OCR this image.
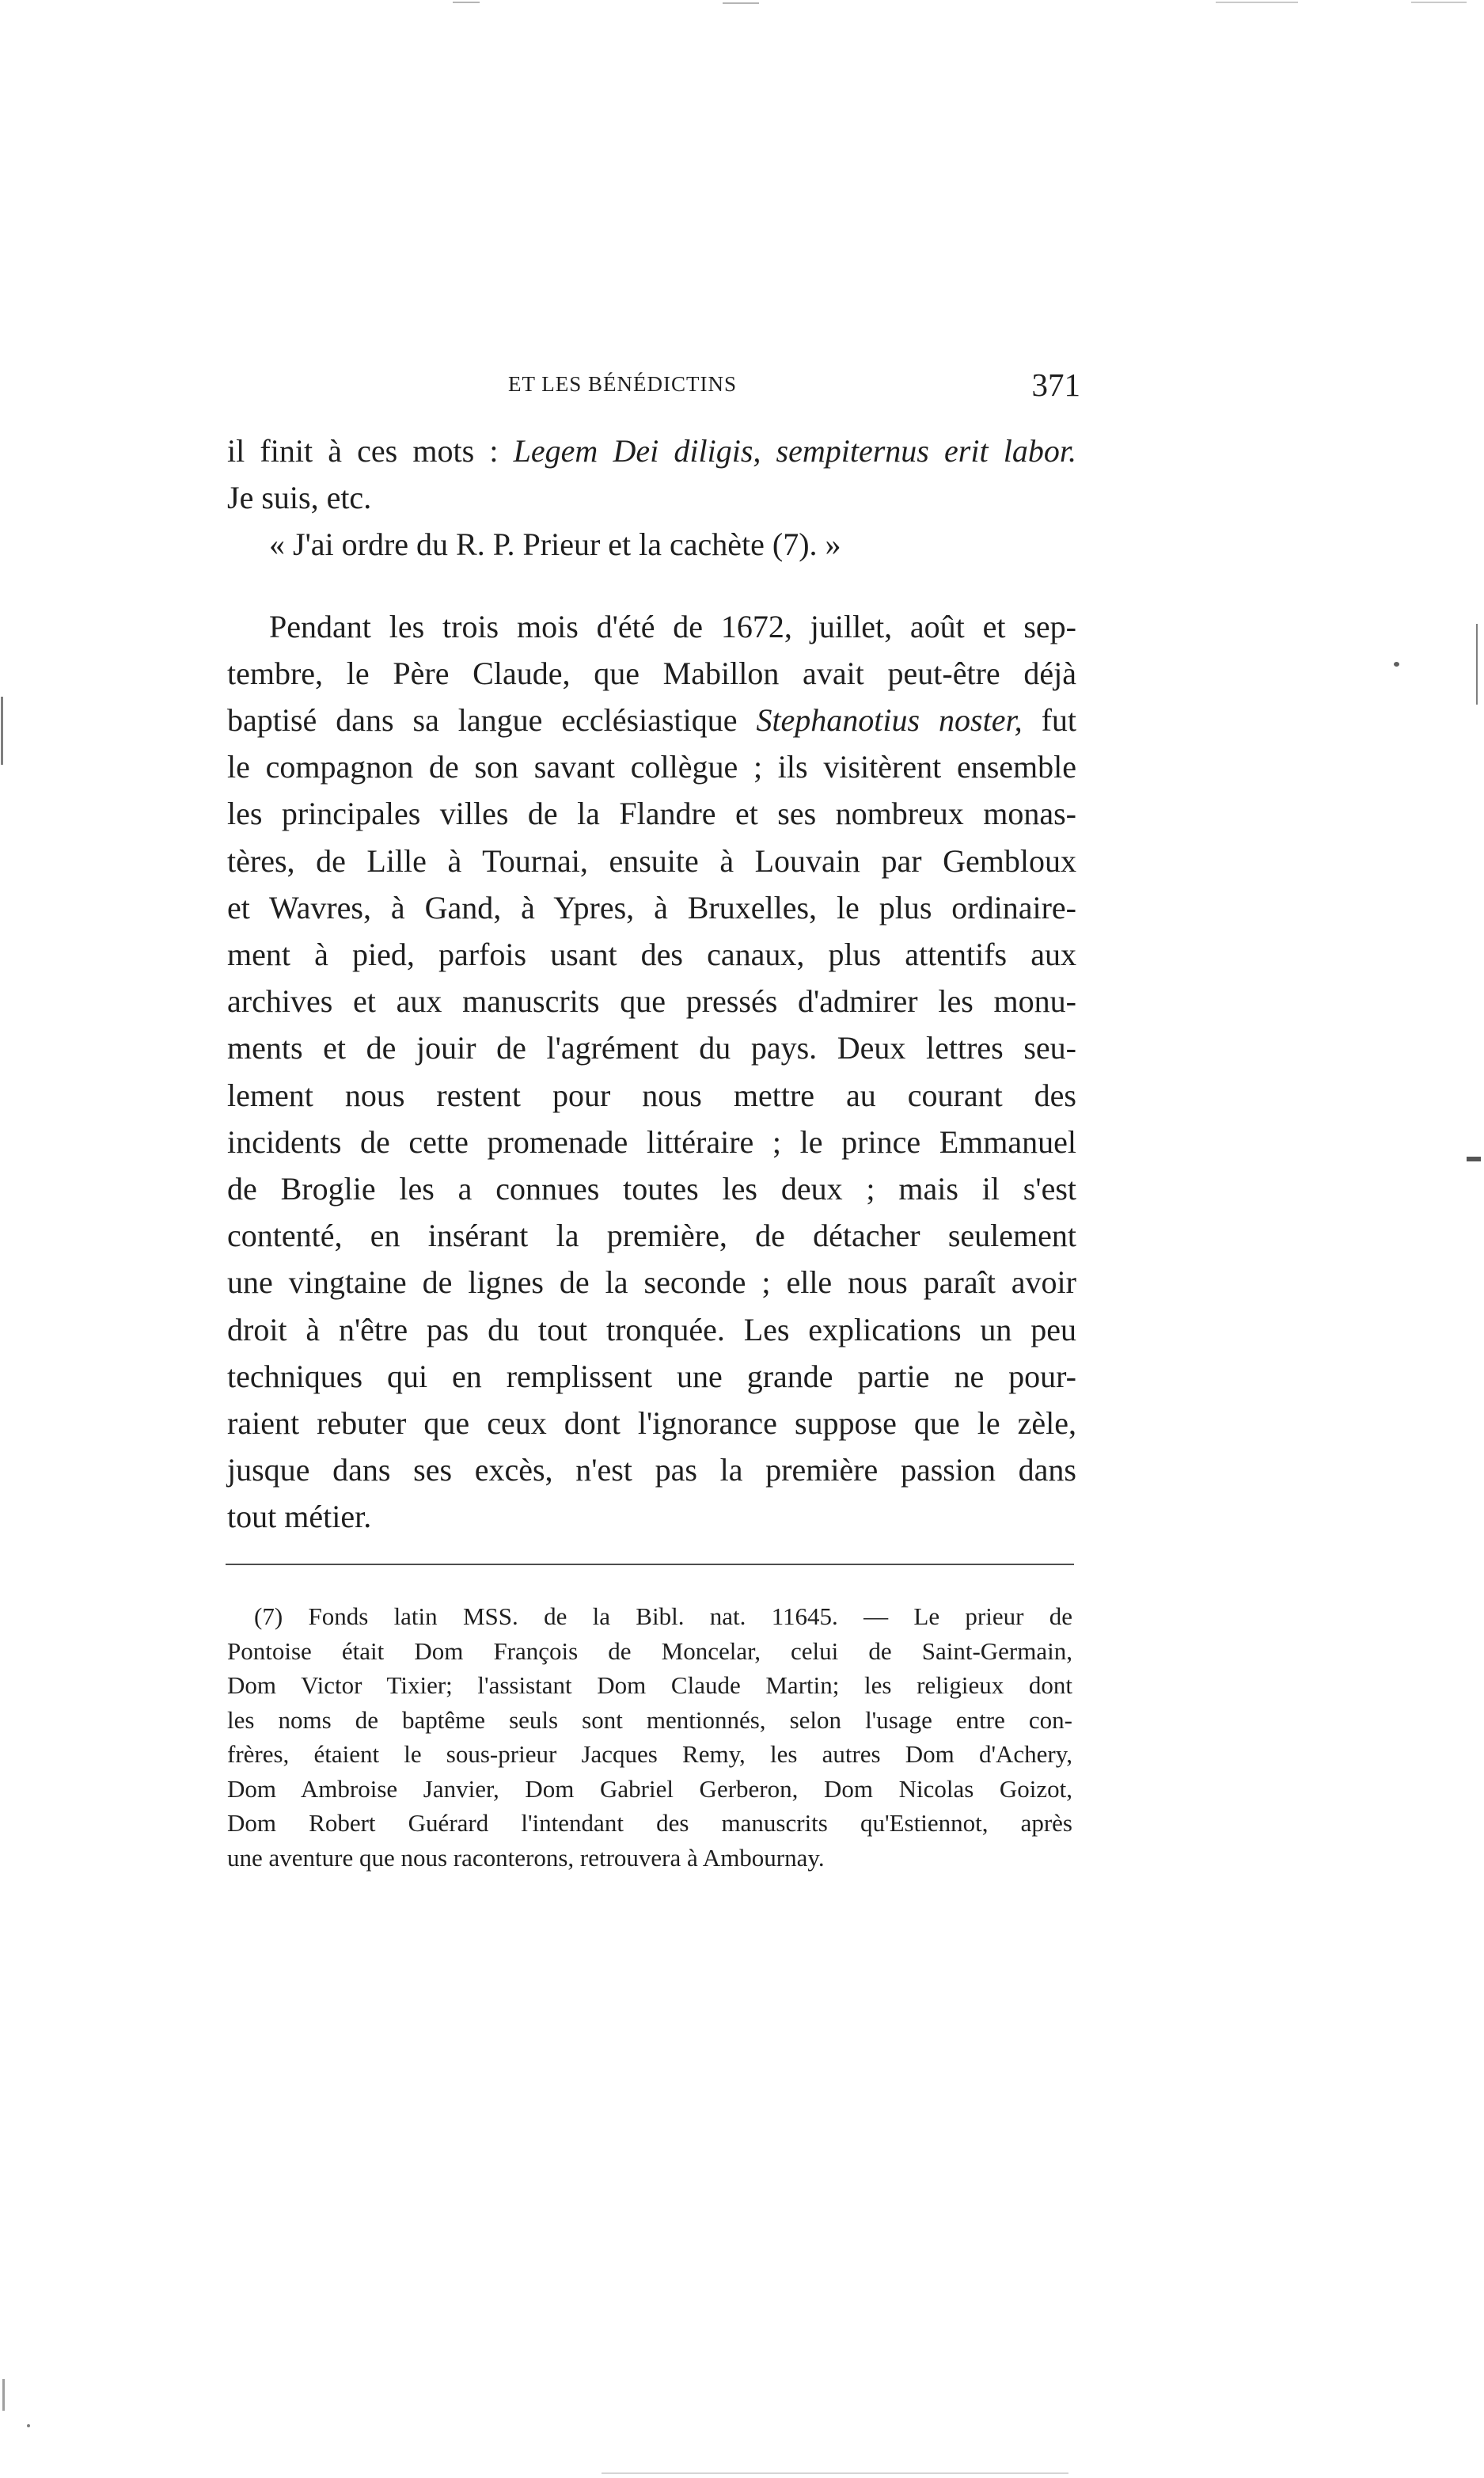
ET LES BÉNÉDICTINS	371
il finit à ces mots : Legem Dei diligis, sempiternus erit labor.
Je suis, etc.
« J'ai ordre du R. P. Prieur et la cachète (7). »
Pendant les trois mois d'été de 1672, juillet, août et sep-
tembre, le Père Claude, que Mabillon avait peut-être déjà
baptisé dans sa langue ecclésiastique Stephanotius noster, fut
le compagnon de son savant collègue ; ils visitèrent ensemble
les principales villes de la Flandre et ses nombreux monas-
tères, de Lille à Tournai, ensuite à Louvain par Gembloux
et Wavres, à Gand, à Ypres, à Bruxelles, le plus ordinaire-
ment à pied, parfois usant des canaux, plus attentifs aux
archives et aux manuscrits que pressés d'admirer les monu-
ments et de jouir de l'agrément du pays. Deux lettres seu-
lement nous restent pour nous mettre au courant des
incidents de cette promenade littéraire ; le prince Emmanuel
de Broglie les a connues toutes les deux ; mais il s'est
contenté, en insérant la première, de détacher seulement
une vingtaine de lignes de la seconde ; elle nous paraît avoir
droit à n'être pas du tout tronquée. Les explications un peu
techniques qui en remplissent une grande partie ne pour-
raient rebuter que ceux dont l'ignorance suppose que le zèle,
jusque dans ses excès, n'est pas la première passion dans
tout métier.
(7) Fonds latin MSS. de la Bibl. nat. 11645. — Le prieur de
Pontoise était Dom François de Moncelar, celui de Saint-Germain,
Dom Victor Tixier; l'assistant Dom Claude Martin; les religieux dont
les noms de baptême seuls sont mentionnés, selon l'usage entre con-
frères, étaient le sous-prieur Jacques Remy, les autres Dom d'Achery,
Dom Ambroise Janvier, Dom Gabriel Gerberon, Dom Nicolas Goizot,
Dom Robert Guérard l'intendant des manuscrits qu'Estiennot, après
une aventure que nous raconterons, retrouvera à Ambournay.
